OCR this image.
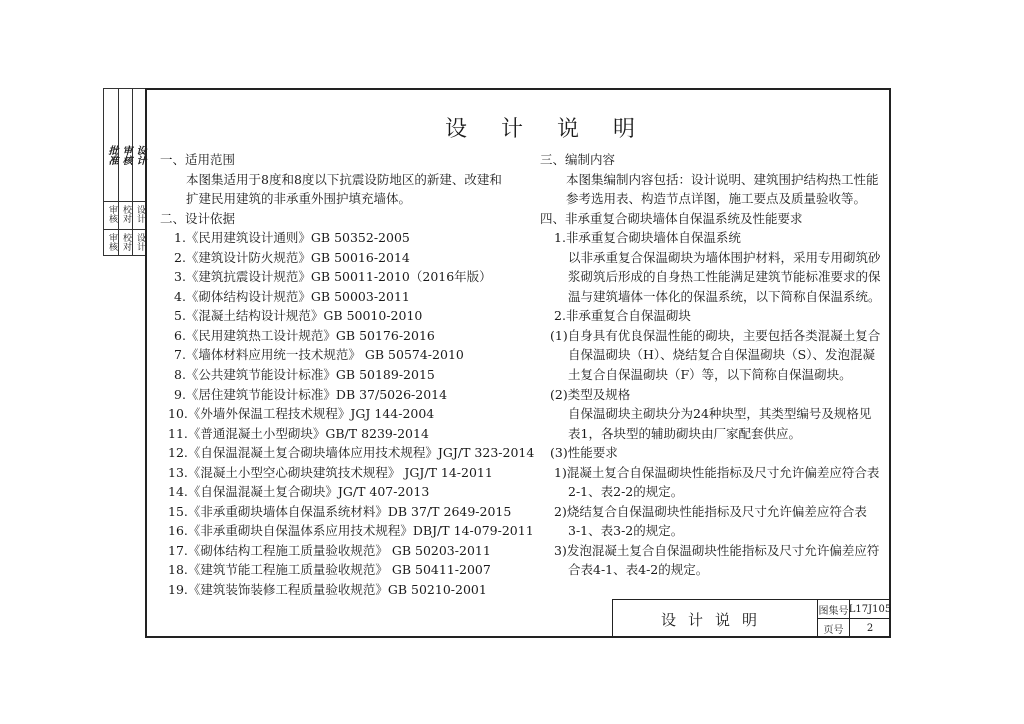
批准 审核 设计
审核 校对 设计
审核 校对 设计
设计说明
一、适用范围
本图集适用于8度和8度以下抗震设防地区的新建、改建和
扩建民用建筑的非承重外围护填充墙体。
二、设计依据
1.《民用建筑设计通则》GB 50352-2005
2.《建筑设计防火规范》GB 50016-2014
3.《建筑抗震设计规范》GB 50011-2010（2016年版）
4.《砌体结构设计规范》GB 50003-2011
5.《混凝土结构设计规范》GB 50010-2010
6.《民用建筑热工设计规范》GB 50176-2016
7.《墙体材料应用统一技术规范》 GB 50574-2010
8.《公共建筑节能设计标准》GB 50189-2015
9.《居住建筑节能设计标准》DB 37/5026-2014
10.《外墙外保温工程技术规程》JGJ 144-2004
11.《普通混凝土小型砌块》GB/T 8239-2014
12.《自保温混凝土复合砌块墙体应用技术规程》JGJ/T 323-2014
13.《混凝土小型空心砌块建筑技术规程》 JGJ/T 14-2011
14.《自保温混凝土复合砌块》JG/T 407-2013
15.《非承重砌块墙体自保温系统材料》DB 37/T 2649-2015
16.《非承重砌块自保温体系应用技术规程》DBJ/T 14-079-2011
17.《砌体结构工程施工质量验收规范》 GB 50203-2011
18.《建筑节能工程施工质量验收规范》 GB 50411-2007
19.《建筑装饰装修工程质量验收规范》GB 50210-2001
三、编制内容
本图集编制内容包括：设计说明、建筑围护结构热工性能
参考选用表、构造节点详图，施工要点及质量验收等。
四、非承重复合砌块墙体自保温系统及性能要求
1.非承重复合砌块墙体自保温系统
以非承重复合保温砌块为墙体围护材料，采用专用砌筑砂
浆砌筑后形成的自身热工性能满足建筑节能标准要求的保
温与建筑墙体一体化的保温系统，以下简称自保温系统。
2.非承重复合自保温砌块
(1)自身具有优良保温性能的砌块，主要包括各类混凝土复合
自保温砌块（H）、烧结复合自保温砌块（S）、发泡混凝
土复合自保温砌块（F）等，以下简称自保温砌块。
(2)类型及规格
自保温砌块主砌块分为24种块型，其类型编号及规格见
表1，各块型的辅助砌块由厂家配套供应。
(3)性能要求
1)混凝土复合自保温砌块性能指标及尺寸允许偏差应符合表
2-1、表2-2的规定。
2)烧结复合自保温砌块性能指标及尺寸允许偏差应符合表
3-1、表3-2的规定。
3)发泡混凝土复合自保温砌块性能指标及尺寸允许偏差应符
合表4-1、表4-2的规定。
设计说明	图集号 L17J105
页号	2
